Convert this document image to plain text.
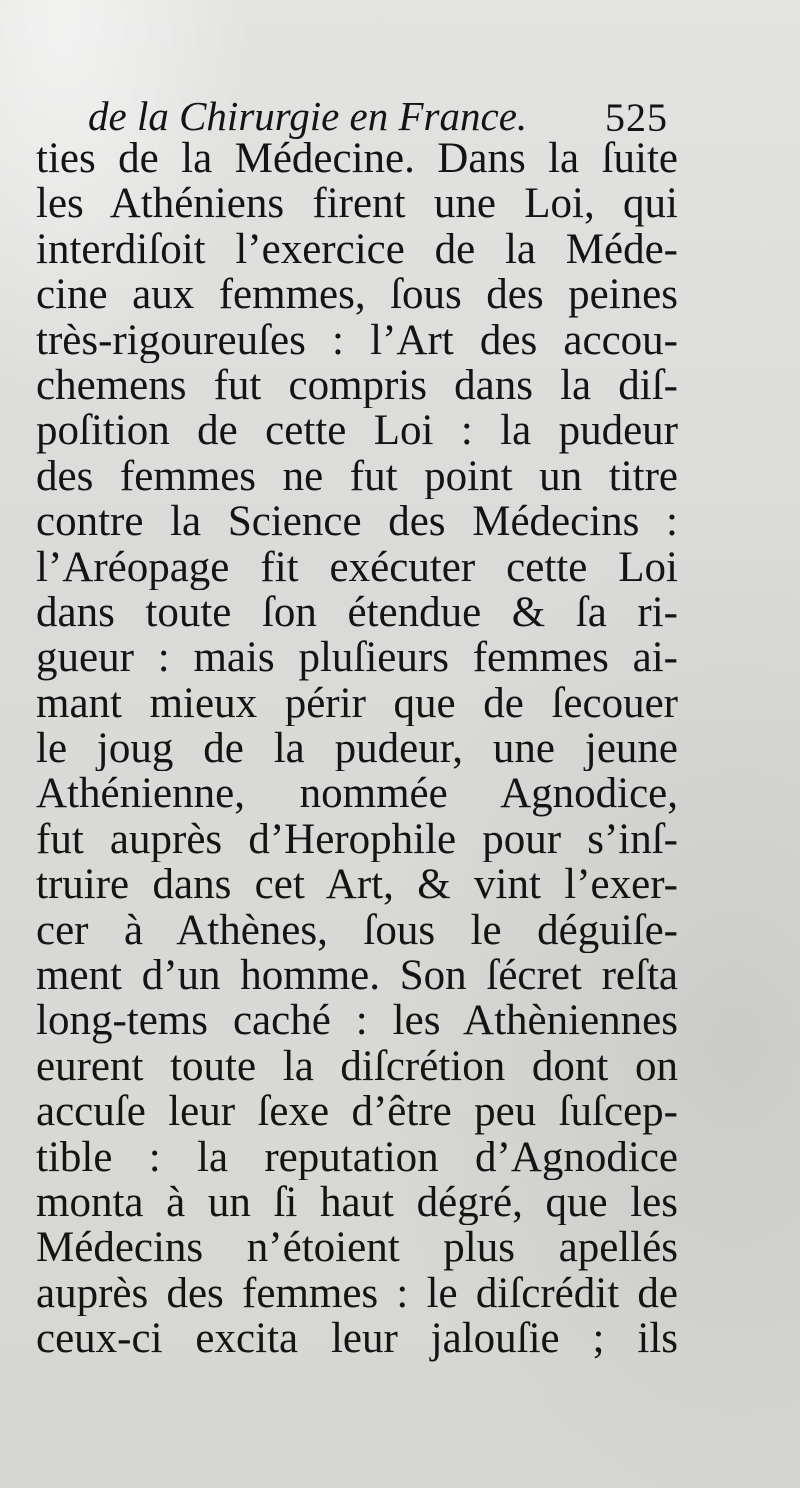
de la Chirurgie en France. 525
ties de la Médecine. Dans la ſuite
les Athéniens firent une Loi, qui
interdiſoit l’exercice de la Méde-
cine aux femmes, ſous des peines
très-rigoureuſes : l’Art des accou-
chemens fut compris dans la diſ-
poſition de cette Loi : la pudeur
des femmes ne fut point un titre
contre la Science des Médecins :
l’Aréopage fit exécuter cette Loi
dans toute ſon étendue & ſa ri-
gueur : mais pluſieurs femmes ai-
mant mieux périr que de ſecouer
le joug de la pudeur, une jeune
Athénienne, nommée Agnodice,
fut auprès d’Herophile pour s’inſ-
truire dans cet Art, & vint l’exer-
cer à Athènes, ſous le déguiſe-
ment d’un homme. Son ſécret reſta
long-tems caché : les Athèniennes
eurent toute la diſcrétion dont on
accuſe leur ſexe d’être peu ſuſcep-
tible : la reputation d’Agnodice
monta à un ſi haut dégré, que les
Médecins n’étoient plus apellés
auprès des femmes : le diſcrédit de
ceux-ci excita leur jalouſie ; ils
